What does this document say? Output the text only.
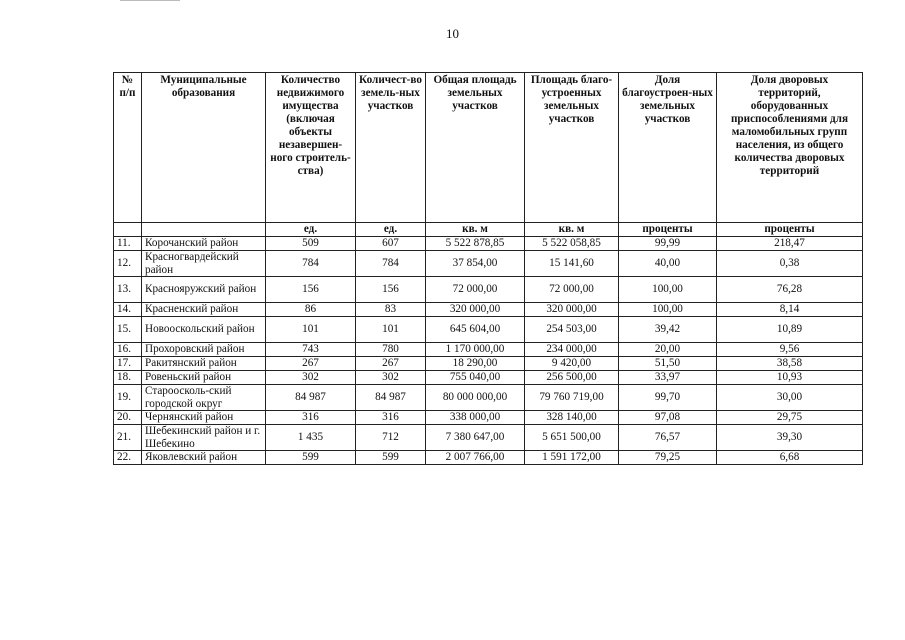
10
№ п/п	Муниципальные образования	Количество недвижимого имущества (включая объекты незавершен-ного строитель-ства)	Количест-во земель-ных участков	Общая площадь земельных участков	Площадь благо-устроенных земельных участков	Доля благоустроен-ных земельных участков	Доля дворовых территорий, оборудованных приспособлениями для маломобильных групп населения, из общего количества дворовых территорий
		ед.	ед.	кв. м	кв. м	проценты	проценты
11.	Корочанский район	509	607	5 522 878,85	5 522 058,85	99,99	218,47
12.	Красногвардейский район	784	784	37 854,00	15 141,60	40,00	0,38
13.	Краснояружский район	156	156	72 000,00	72 000,00	100,00	76,28
14.	Красненский район	86	83	320 000,00	320 000,00	100,00	8,14
15.	Новооскольский район	101	101	645 604,00	254 503,00	39,42	10,89
16.	Прохоровский район	743	780	1 170 000,00	234 000,00	20,00	9,56
17.	Ракитянский район	267	267	18 290,00	9 420,00	51,50	38,58
18.	Ровеньский район	302	302	755 040,00	256 500,00	33,97	10,93
19.	Староосколь-ский городской округ	84 987	84 987	80 000 000,00	79 760 719,00	99,70	30,00
20.	Чернянский район	316	316	338 000,00	328 140,00	97,08	29,75
21.	Шебекинский район и г. Шебекино	1 435	712	7 380 647,00	5 651 500,00	76,57	39,30
22.	Яковлевский район	599	599	2 007 766,00	1 591 172,00	79,25	6,68
